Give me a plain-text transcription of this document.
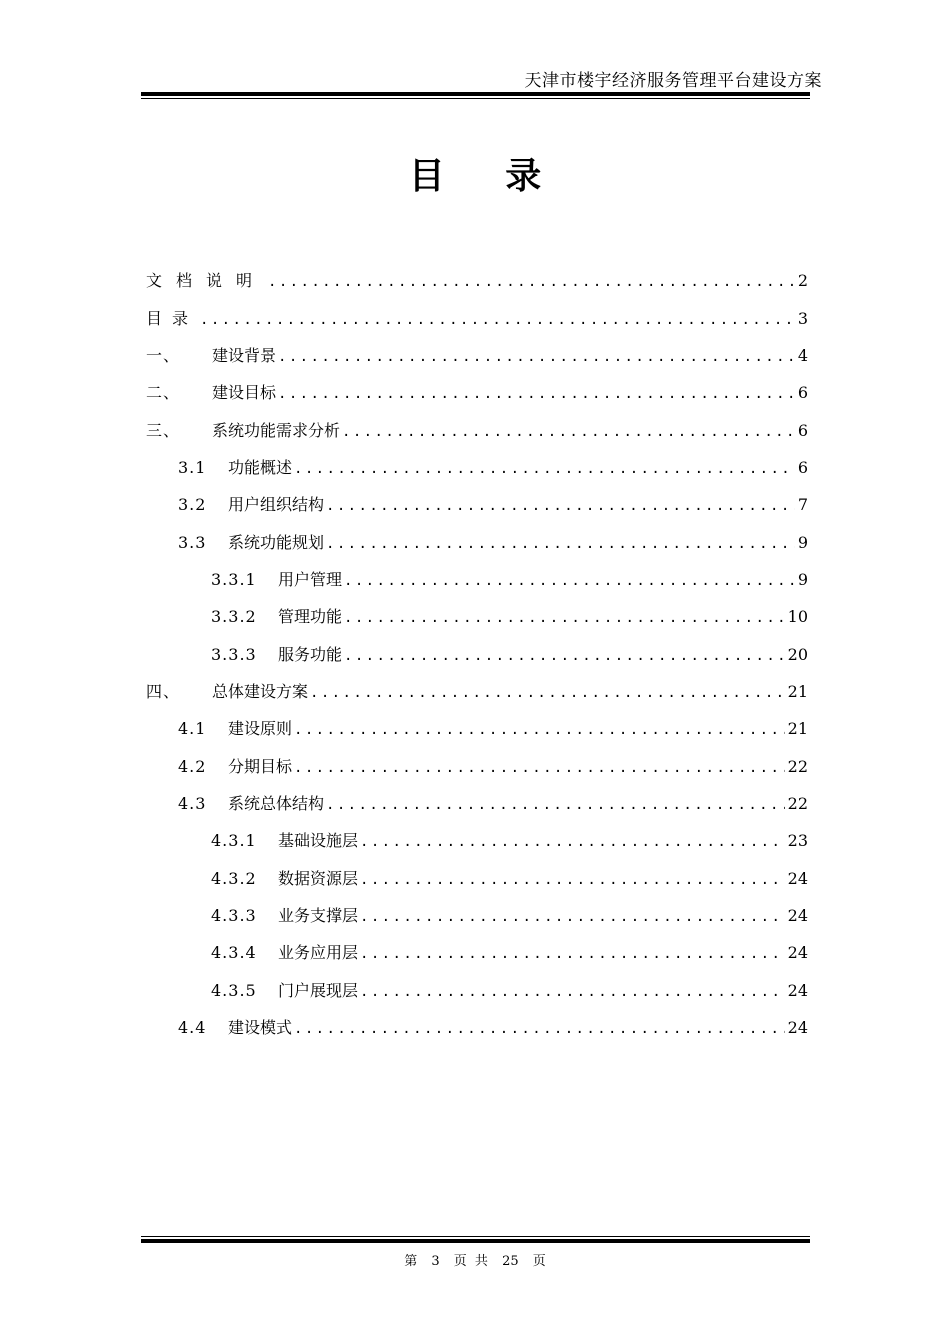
天津市楼宇经济服务管理平台建设方案
目 录
文档说明 .....	2
目录 .....	3
一、	建设背景 .....	4
二、	建设目标 .....	6
三、	系统功能需求分析 .....	6
3.1	功能概述 .....	6
3.2	用户组织结构 .....	7
3.3	系统功能规划 .....	9
3.3.1	用户管理 .....	9
3.3.2	管理功能 .....	10
3.3.3	服务功能 .....	20
四、	总体建设方案 .....	21
4.1	建设原则 .....	21
4.2	分期目标 .....	22
4.3	系统总体结构 .....	22
4.3.1	基础设施层 .....	23
4.3.2	数据资源层 .....	24
4.3.3	业务支撑层 .....	24
4.3.4	业务应用层 .....	24
4.3.5	门户展现层 .....	24
4.4	建设模式 .....	24
第 3 页 共 25 页
